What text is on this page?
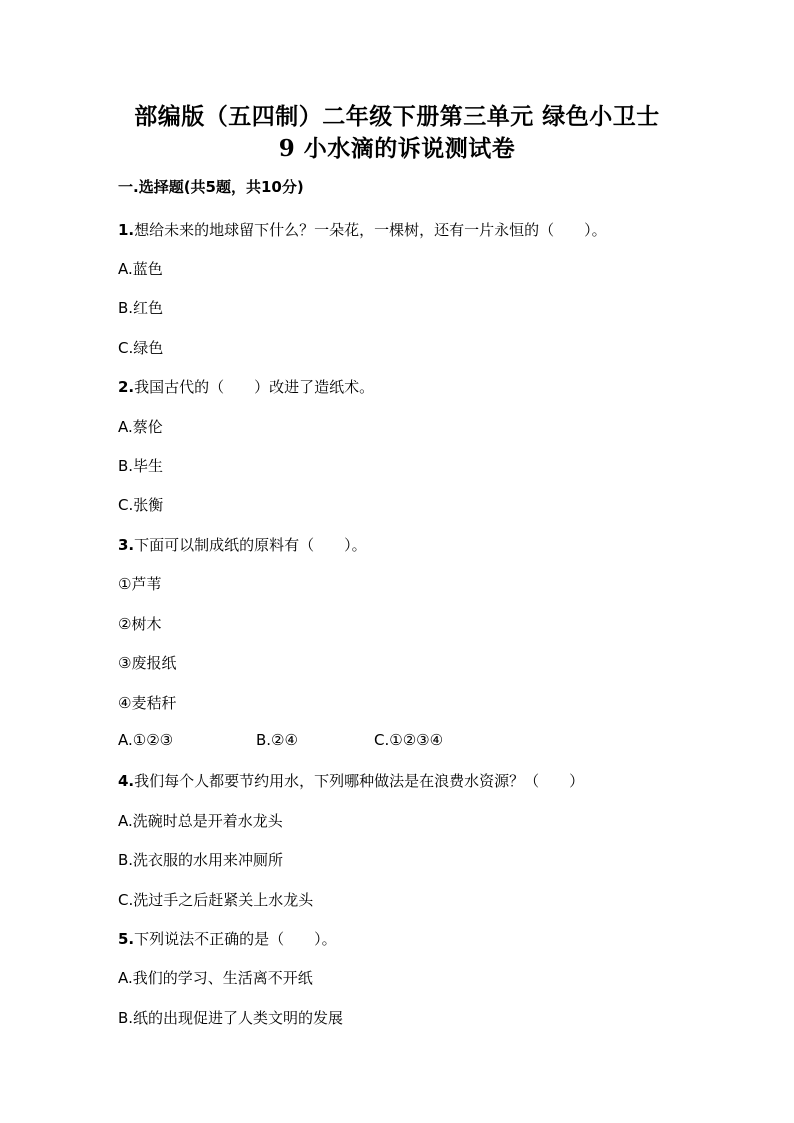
部编版（五四制）二年级下册第三单元 绿色小卫士
9 小水滴的诉说测试卷
一.选择题(共5题，共10分)
1.想给未来的地球留下什么？一朵花，一棵树，还有一片永恒的（　　）。
A.蓝色
B.红色
C.绿色
2.我国古代的（　　）改进了造纸术。
A.蔡伦
B.毕生
C.张衡
3.下面可以制成纸的原料有（　　）。
①芦苇
②树木
③废报纸
④麦秸秆
A.①②③	B.②④	C.①②③④
4.我们每个人都要节约用水，下列哪种做法是在浪费水资源？（　　）
A.洗碗时总是开着水龙头
B.洗衣服的水用来冲厕所
C.洗过手之后赶紧关上水龙头
5.下列说法不正确的是（　　）。
A.我们的学习、生活离不开纸
B.纸的出现促进了人类文明的发展
